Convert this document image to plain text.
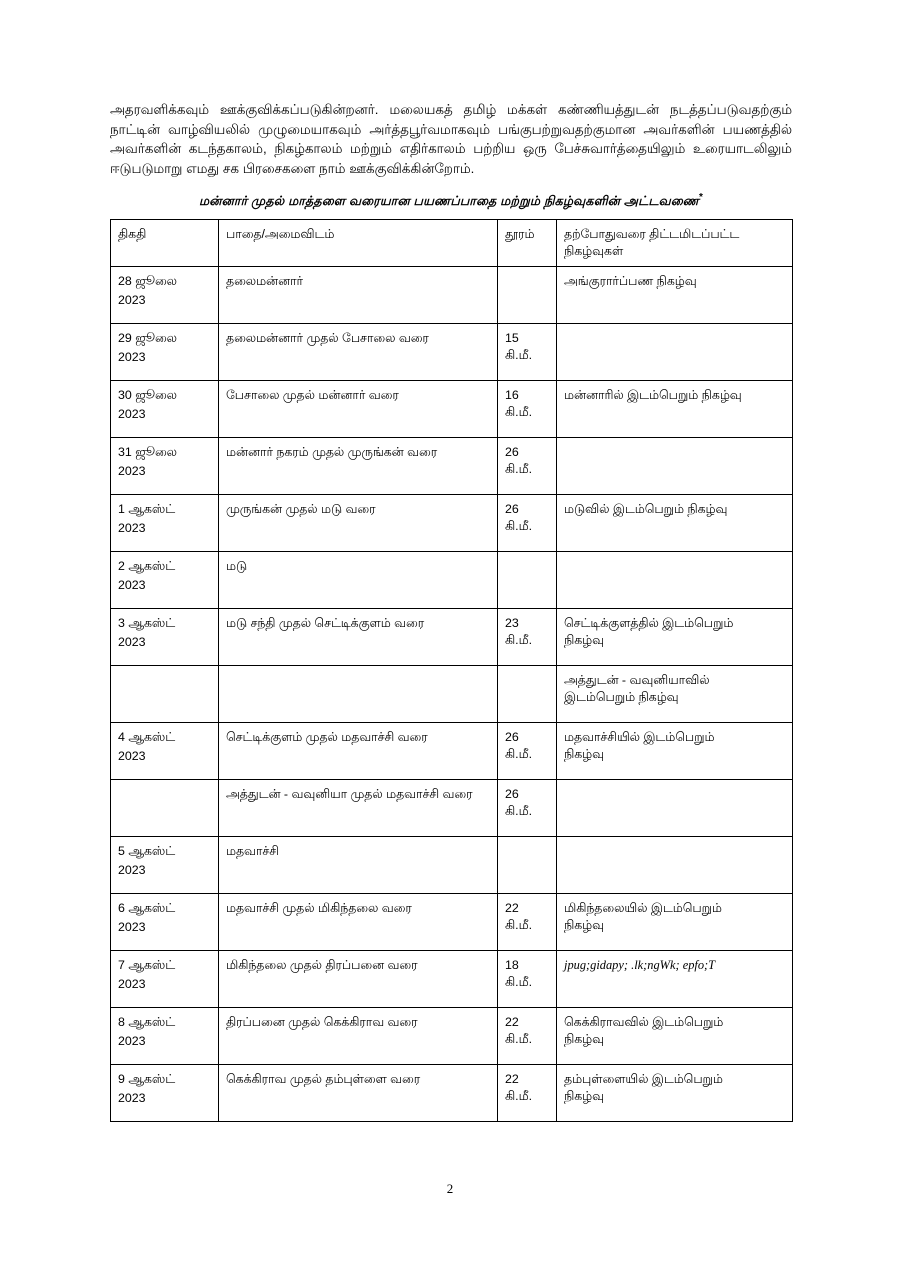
அதரவளிக்கவும் ஊக்குவிக்கப்படுகின்றனர். மலையகத் தமிழ் மக்கள் கண்ணியத்துடன் நடத்தப்படுவதற்கும் நாட்டின் வாழ்வியலில் முழுமையாகவும் அர்த்தபூர்வமாகவும் பங்குபற்றுவதற்குமான அவர்களின் பயணத்தில் அவர்களின் கடந்தகாலம், நிகழ்காலம் மற்றும் எதிர்காலம் பற்றிய ஒரு பேச்சுவார்த்தையிலும் உரையாடலிலும் ஈடுபடுமாறு எமது சக பிரசைகளை நாம் ஊக்குவிக்கின்றோம்.

மன்னார் முதல் மாத்தளை வரையான பயணப்பாதை மற்றும் நிகழ்வுகளின் அட்டவணை*
திகதி	பாதை/அமைவிடம்	தூரம்	தற்போதுவரை திட்டமிடப்பட்ட நிகழ்வுகள்

28 ஜூலை
2023	தலைமன்னார்		அங்குரார்ப்பண நிகழ்வு

29 ஜூலை
2023	தலைமன்னார் முதல் பேசாலை வரை	15
கி.மீ.	

30 ஜூலை
2023	பேசாலை முதல் மன்னார் வரை	16
கி.மீ.	மன்னாரில் இடம்பெறும் நிகழ்வு

31 ஜூலை
2023	மன்னார் நகரம் முதல் முருங்கன் வரை	26
கி.மீ.	

1 ஆகஸ்ட்
2023	முருங்கன் முதல் மடு வரை	26
கி.மீ.	மடுவில் இடம்பெறும் நிகழ்வு

2 ஆகஸ்ட்
2023	மடு		

3 ஆகஸ்ட்
2023	மடு சந்தி முதல் செட்டிக்குளம் வரை	23
கி.மீ.	செட்டிக்குளத்தில் இடம்பெறும்
நிகழ்வு

			அத்துடன் - வவுனியாவில்
இடம்பெறும் நிகழ்வு

4 ஆகஸ்ட்
2023	செட்டிக்குளம் முதல் மதவாச்சி வரை	26
கி.மீ.	மதவாச்சியில் இடம்பெறும்
நிகழ்வு

	அத்துடன் - வவுனியா முதல் மதவாச்சி வரை	26
கி.மீ.	

5 ஆகஸ்ட்
2023	மதவாச்சி		

6 ஆகஸ்ட்
2023	மதவாச்சி முதல் மிகிந்தலை வரை	22
கி.மீ.	மிகிந்தலையில் இடம்பெறும்
நிகழ்வு

7 ஆகஸ்ட்
2023	மிகிந்தலை முதல் திரப்பனை வரை	18
கி.மீ.	jpug;gidapy; .lk;ngWk; epfo;T

8 ஆகஸ்ட்
2023	திரப்பனை முதல் கெக்கிராவ வரை	22
கி.மீ.	கெக்கிராவவில் இடம்பெறும்
நிகழ்வு

9 ஆகஸ்ட்
2023	கெக்கிராவ முதல் தம்புள்ளை வரை	22
கி.மீ.	தம்புள்ளையில் இடம்பெறும்
நிகழ்வு
2
